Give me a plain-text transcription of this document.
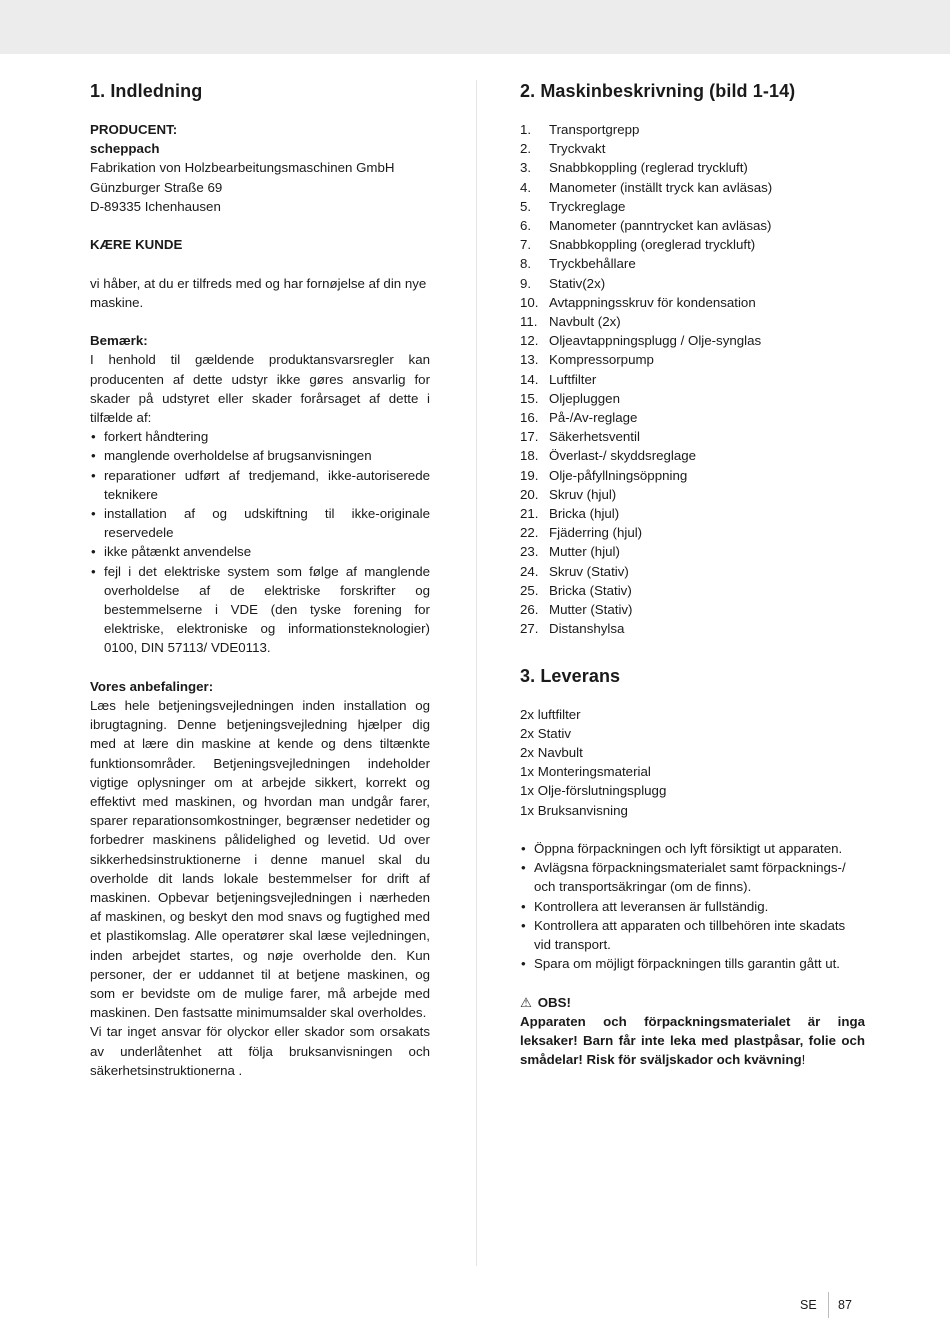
1. Indledning

PRODUCENT:

scheppach

Fabrikation von Holzbearbeitungsmaschinen GmbH

Günzburger Straße 69

D-89335 Ichenhausen

KÆRE KUNDE

vi håber, at du er tilfreds med og har fornøjelse af din nye maskine.

Bemærk:

I henhold til gældende produktansvarsregler kan producenten af dette udstyr ikke gøres ansvarlig for skader på udstyret eller skader forårsaget af dette i tilfælde af:

• forkert håndtering
• manglende overholdelse af brugsanvisningen
• reparationer udført af tredjemand, ikke-autoriserede teknikere
• installation af og udskiftning til ikke-originale reservedele
• ikke påtænkt anvendelse
• fejl i det elektriske system som følge af manglende overholdelse af de elektriske forskrifter og bestemmelserne i VDE (den tyske forening for elektriske, elektroniske og informationsteknologier) 0100, DIN 57113/ VDE0113.

Vores anbefalinger:

Læs hele betjeningsvejledningen inden installation og ibrugtagning. Denne betjeningsvejledning hjælper dig med at lære din maskine at kende og dens tiltænkte funktionsområder. Betjeningsvejledningen indeholder vigtige oplysninger om at arbejde sikkert, korrekt og effektivt med maskinen, og hvordan man undgår farer, sparer reparationsomkostninger, begrænser nedetider og forbedrer maskinens pålidelighed og levetid. Ud over sikkerhedsinstruktionerne i denne manuel skal du overholde dit lands lokale bestemmelser for drift af maskinen. Opbevar betjeningsvejledningen i nærheden af maskinen, og beskyt den mod snavs og fugtighed med et plastikomslag. Alle operatører skal læse vejledningen, inden arbejdet startes, og nøje overholde den. Kun personer, der er uddannet til at betjene maskinen, og som er bevidste om de mulige farer, må arbejde med maskinen. Den fastsatte minimumsalder skal overholdes.

Vi tar inget ansvar för olyckor eller skador som orsakats av underlåtenhet att följa bruksanvisningen och säkerhetsinstruktionerna .

2. Maskinbeskrivning (bild 1-14)
1.	Transportgrepp
2.	Tryckvakt
3.	Snabbkoppling (reglerad tryckluft)
4.	Manometer (inställt tryck kan avläsas)
5.	Tryckreglage
6.	Manometer (panntrycket kan avläsas)
7.	Snabbkoppling (oreglerad tryckluft)
8.	Tryckbehållare
9.	Stativ(2x)
10. Avtappningsskruv för kondensation
11. Navbult (2x)
12. Oljeavtappningsplugg / Olje-synglas
13. Kompressorpump
14. Luftfilter
15. Oljepluggen
16. På-/Av-reglage
17. Säkerhetsventil
18. Överlast-/ skyddsreglage
19. Olje-påfyllningsöppning
20. Skruv (hjul)
21. Bricka (hjul)
22. Fjäderring (hjul)
23. Mutter (hjul)
24. Skruv (Stativ)
25. Bricka (Stativ)
26. Mutter (Stativ)
27. Distanshylsa
3. Leverans
2x luftfilter
2x Stativ
2x Navbult
1x Monteringsmaterial
1x Olje-förslutningsplugg
1x Bruksanvisning
• Öppna förpackningen och lyft försiktigt ut apparaten.
• Avlägsna förpackningsmaterialet samt förpacknings-/ och transportsäkringar (om de finns).
• Kontrollera att leveransen är fullständig.
• Kontrollera att apparaten och tillbehören inte skadats vid transport.
• Spara om möjligt förpackningen tills garantin gått ut.

⚠ OBS!

Apparaten och förpackningsmaterialet är inga leksaker! Barn får inte leka med plastpåsar, folie och smådelar! Risk för sväljskador och kvävning!

SE 87
